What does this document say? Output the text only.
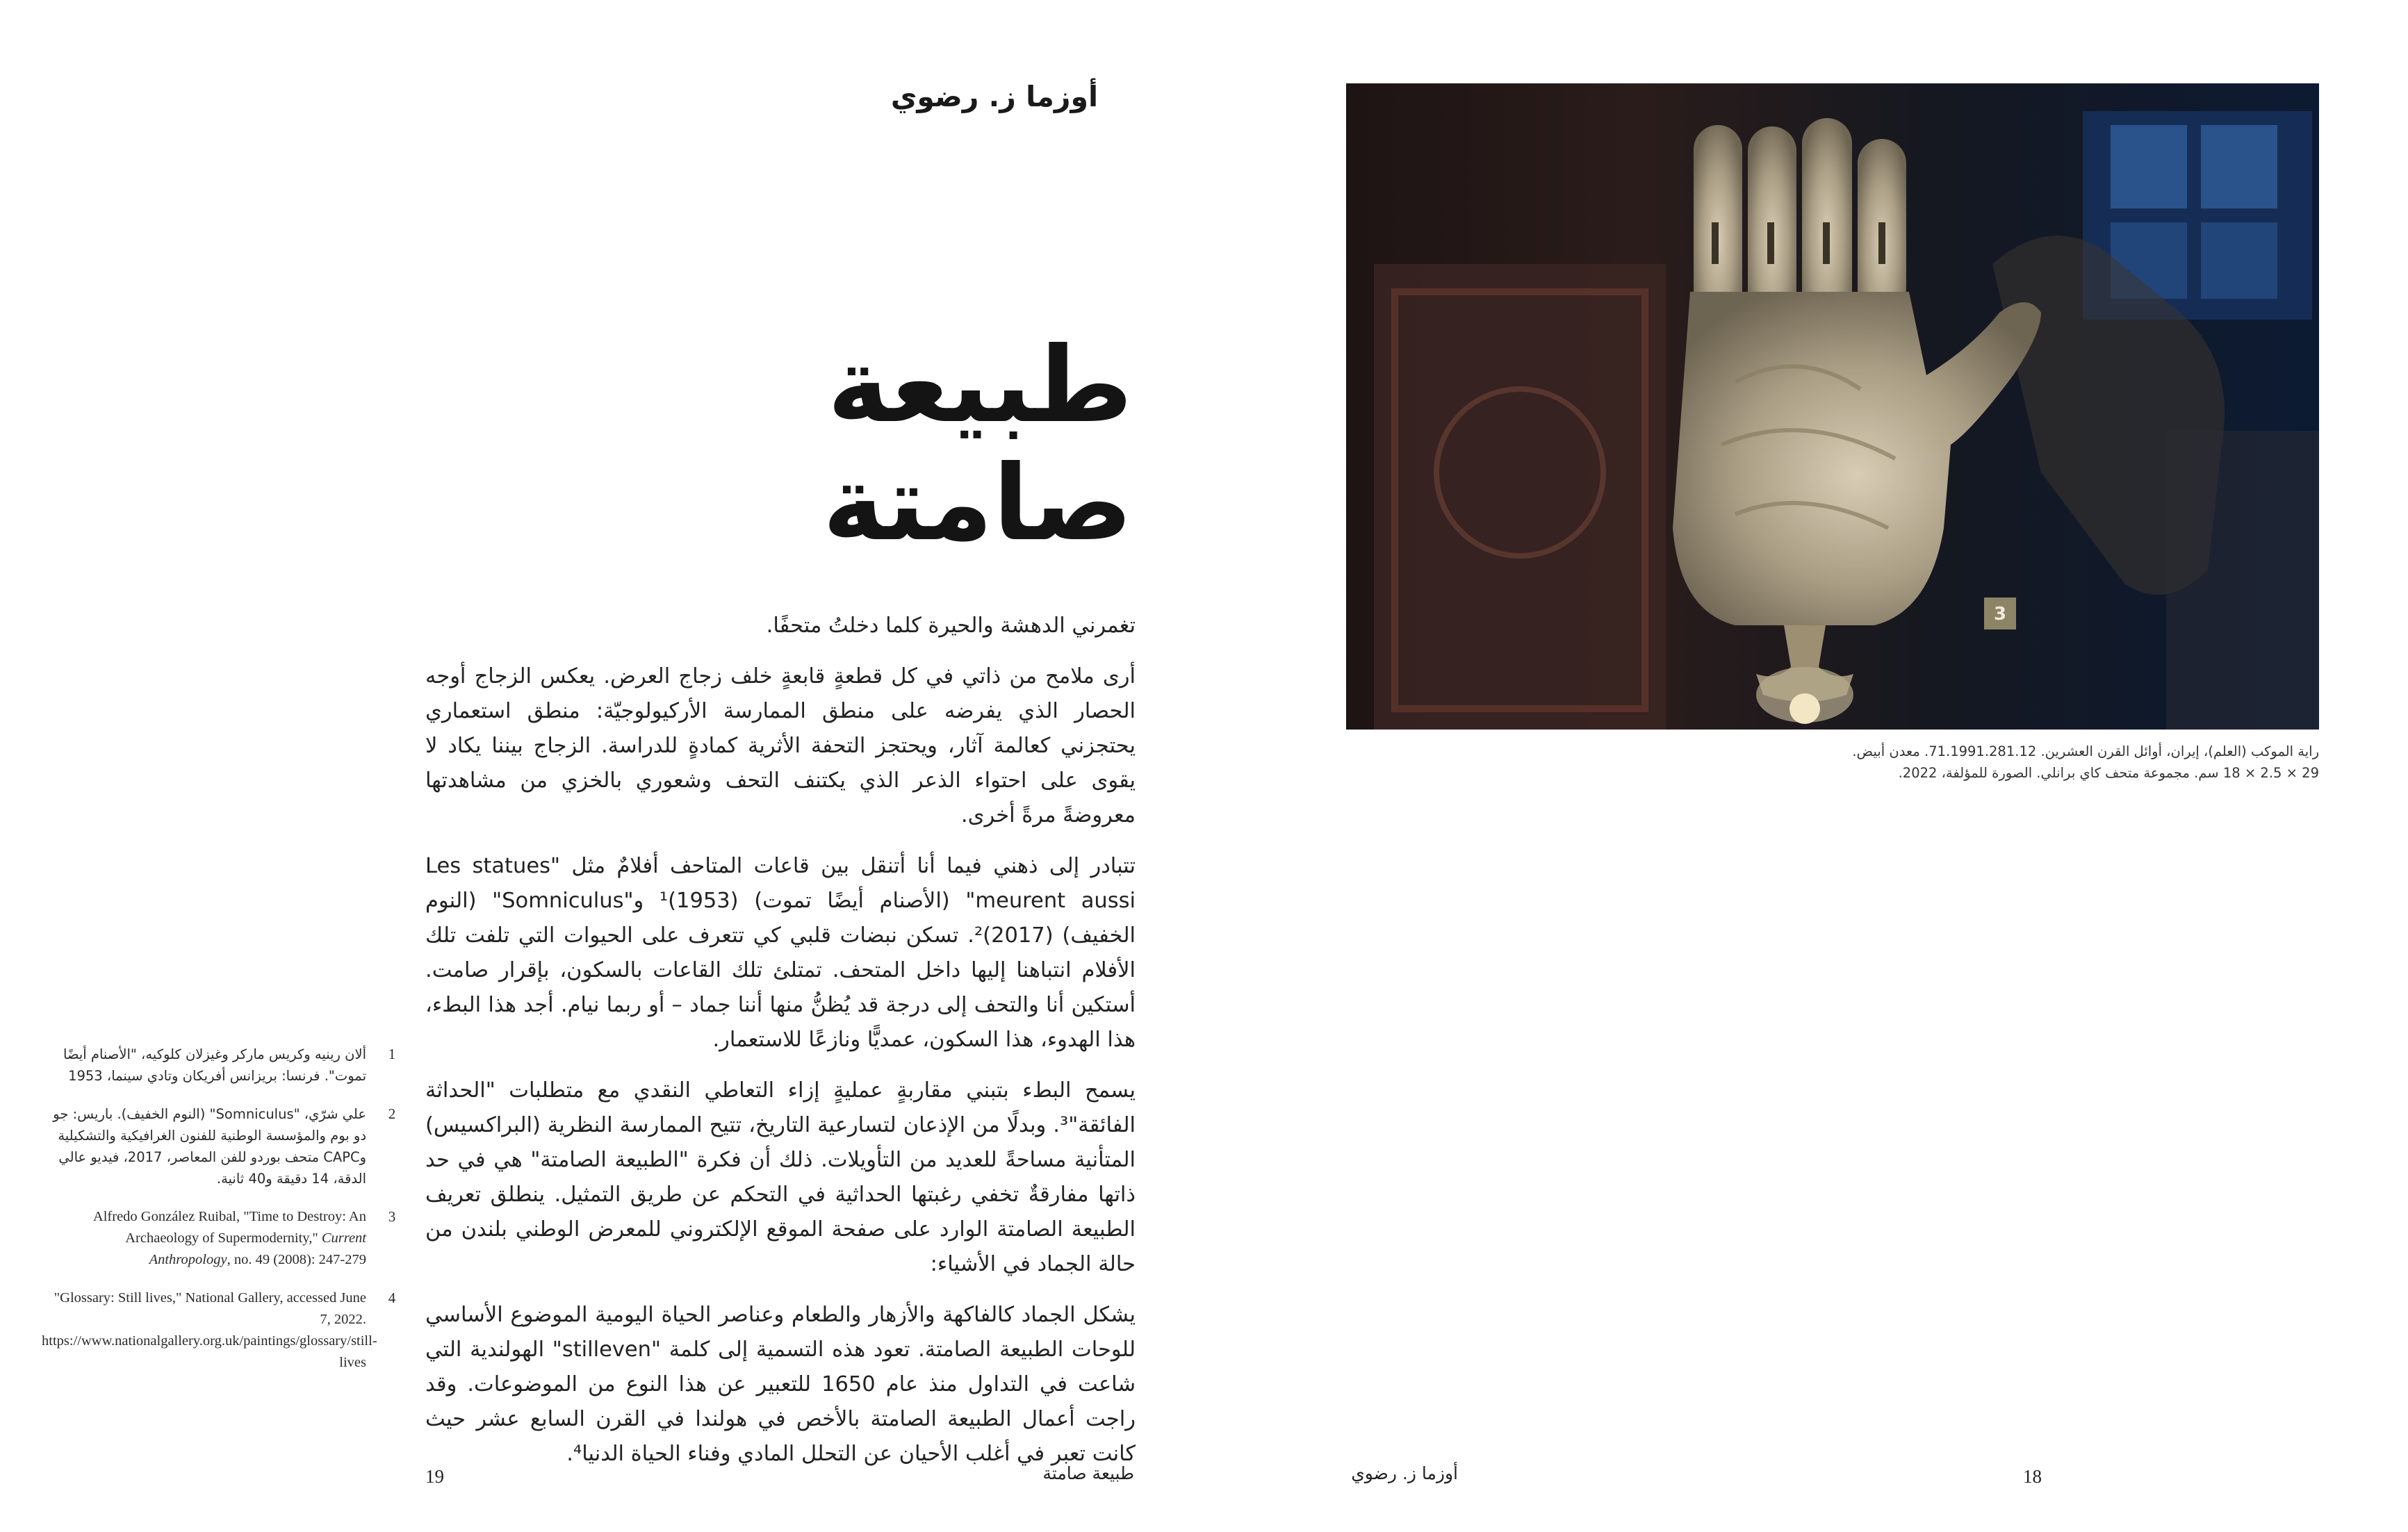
أوزما ز. رضوي
طبيعة صامتة

تغمرني الدهشة والحيرة كلما دخلتُ متحفًا.

أرى ملامح من ذاتي في كل قطعةٍ قابعةٍ خلف زجاج العرض. يعكس الزجاج أوجه الحصار الذي يفرضه على منطق الممارسة الأركيولوجيّة: منطق استعماري يحتجزني كعالمة آثار، ويحتجز التحفة الأثرية كمادةٍ للدراسة. الزجاج بيننا يكاد لا يقوى على احتواء الذعر الذي يكتنف التحف وشعوري بالخزي من مشاهدتها معروضةً مرةً أخرى.

تتبادر إلى ذهني فيما أنا أتنقل بين قاعات المتاحف أفلامٌ مثل "Les statues meurent aussi" (الأصنام أيضًا تموت) (1953)¹ و"Somniculus" (النوم الخفيف) (2017)². تسكن نبضات قلبي كي تتعرف على الحيوات التي تلفت تلك الأفلام انتباهنا إليها داخل المتحف. تمتلئ تلك القاعات بالسكون، بإقرار صامت. أستكين أنا والتحف إلى درجة قد يُظنُّ منها أننا جماد – أو ربما نيام. أجد هذا البطء، هذا الهدوء، هذا السكون، عمديًّا ونازعًا للاستعمار.

يسمح البطء بتبني مقاربةٍ عمليةٍ إزاء التعاطي النقدي مع متطلبات "الحداثة الفائقة"³. وبدلًا من الإذعان لتسارعية التاريخ، تتيح الممارسة النظرية (البراكسيس) المتأنية مساحةً للعديد من التأويلات. ذلك أن فكرة "الطبيعة الصامتة" هي في حد ذاتها مفارقةٌ تخفي رغبتها الحداثية في التحكم عن طريق التمثيل. ينطلق تعريف الطبيعة الصامتة الوارد على صفحة الموقع الإلكتروني للمعرض الوطني بلندن من حالة الجماد في الأشياء:

يشكل الجماد كالفاكهة والأزهار والطعام وعناصر الحياة اليومية الموضوع الأساسي للوحات الطبيعة الصامتة. تعود هذه التسمية إلى كلمة "stilleven" الهولندية التي شاعت في التداول منذ عام 1650 للتعبير عن هذا النوع من الموضوعات. وقد راجت أعمال الطبيعة الصامتة بالأخص في هولندا في القرن السابع عشر حيث كانت تعبر في أغلب الأحيان عن التحلل المادي وفناء الحياة الدنيا⁴.

1
ألان رينيه وكريس ماركر وغيزلان كلوكيه، "الأصنام أيضًا تموت". فرنسا: بريزانس أفريكان وتادي سينما، 1953
2
علي شرّي، "Somniculus" (النوم الخفيف). باريس: جو دو بوم والمؤسسة الوطنية للفنون الغرافيكية والتشكيلية وCAPC متحف بوردو للفن المعاصر، 2017، فيديو عالي الدقة، 14 دقيقة و40 ثانية.
3
Alfredo González Ruibal, "Time to Destroy: An Archaeology of Supermodernity," Current Anthropology, no. 49 (2008): 247-279
4
"Glossary: Still lives," National Gallery, accessed June 7, 2022. https://www.nationalgallery.org.uk/paintings/glossary/still-lives
19	طبيعة صامتة
3
راية الموكب (العلم)، إيران، أوائل القرن العشرين. 71.1991.281.12. معدن أبيض.
29 × 2.5 × 18 سم. مجموعة متحف كاي برانلي. الصورة للمؤلفة، 2022.
18
أوزما ز. رضوي
